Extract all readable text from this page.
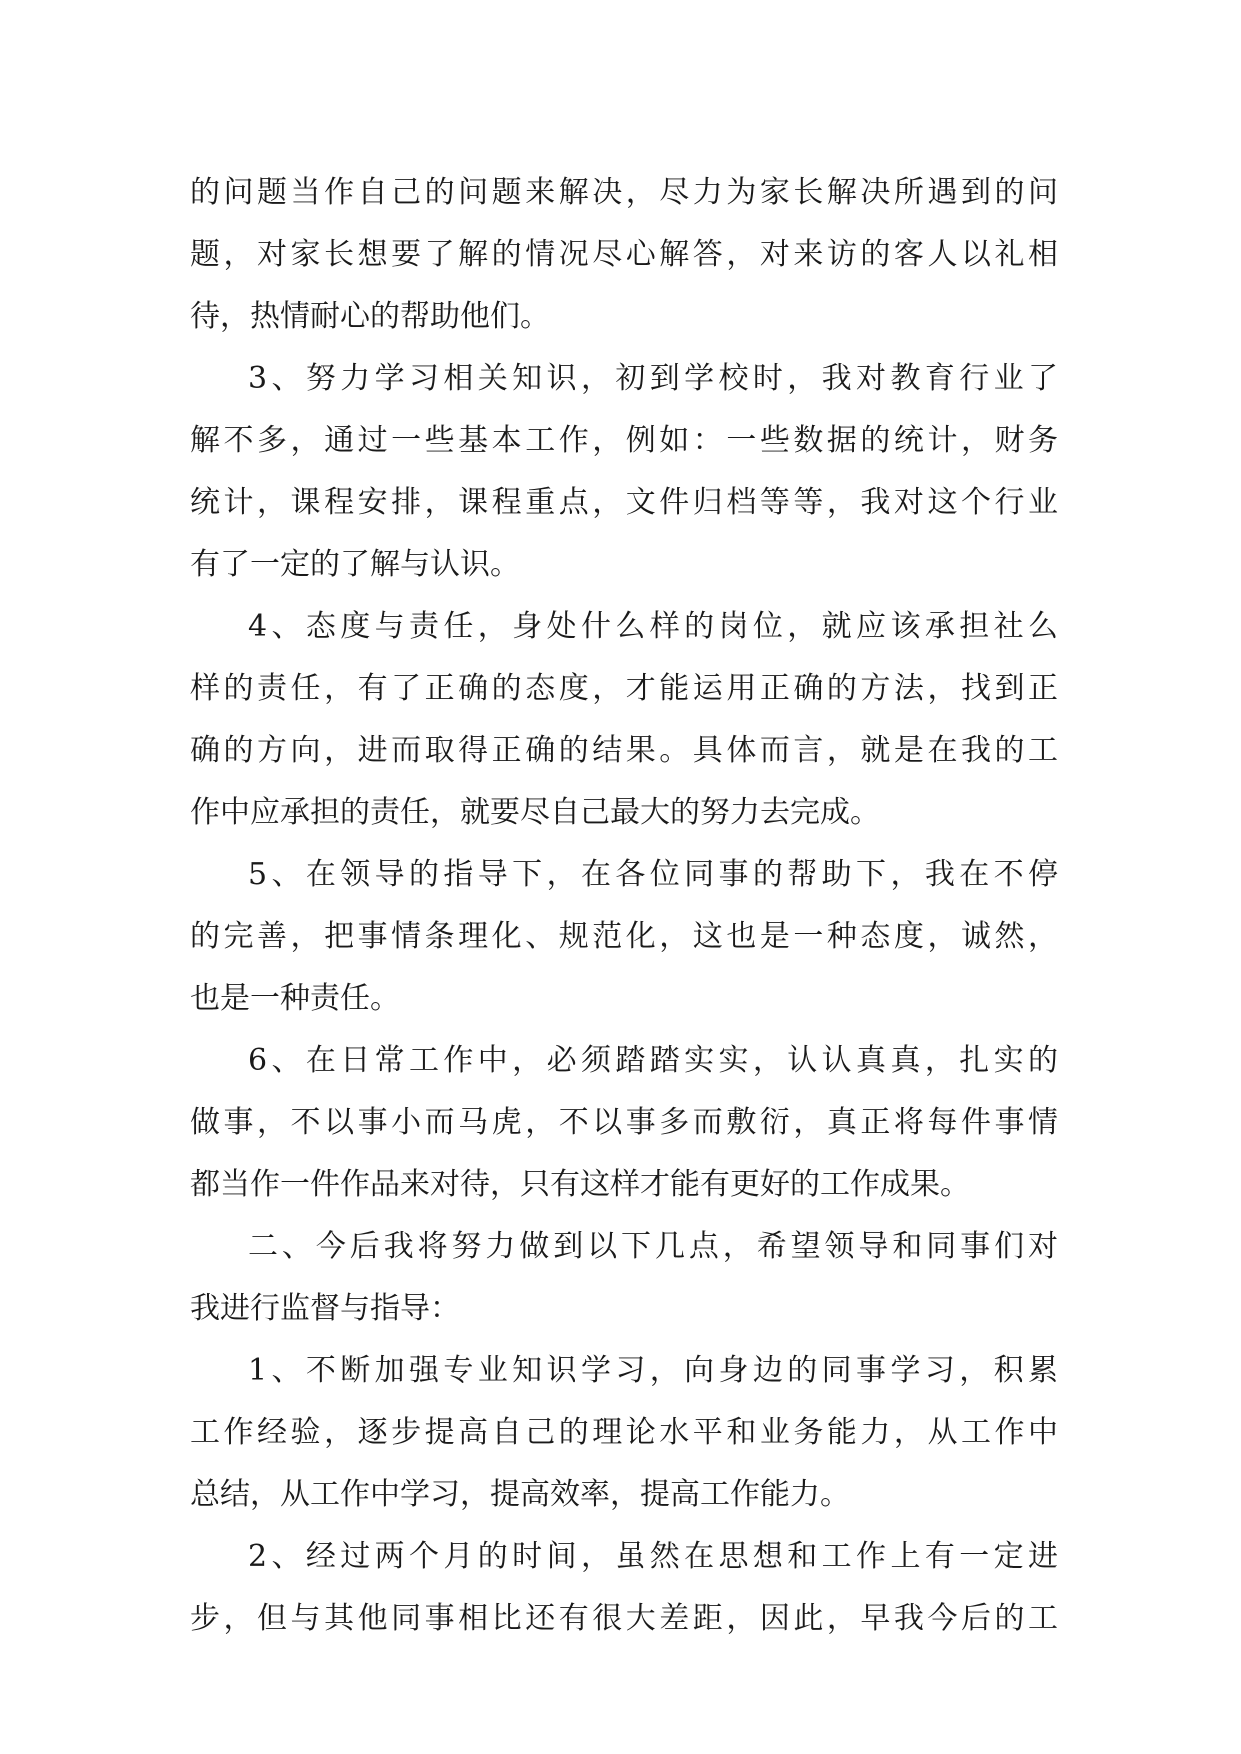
的问题当作自己的问题来解决，尽力为家长解决所遇到的问
题，对家长想要了解的情况尽心解答，对来访的客人以礼相
待，热情耐心的帮助他们。
3、努力学习相关知识，初到学校时，我对教育行业了
解不多，通过一些基本工作，例如：一些数据的统计，财务
统计，课程安排，课程重点，文件归档等等，我对这个行业
有了一定的了解与认识。
4、态度与责任，身处什么样的岗位，就应该承担社么
样的责任，有了正确的态度，才能运用正确的方法，找到正
确的方向，进而取得正确的结果。具体而言，就是在我的工
作中应承担的责任，就要尽自己最大的努力去完成。
5、在领导的指导下，在各位同事的帮助下，我在不停
的完善，把事情条理化、规范化，这也是一种态度，诚然，
也是一种责任。
6、在日常工作中，必须踏踏实实，认认真真，扎实的
做事，不以事小而马虎，不以事多而敷衍，真正将每件事情
都当作一件作品来对待，只有这样才能有更好的工作成果。
二、今后我将努力做到以下几点，希望领导和同事们对
我进行监督与指导：
1、不断加强专业知识学习，向身边的同事学习，积累
工作经验，逐步提高自己的理论水平和业务能力，从工作中
总结，从工作中学习，提高效率，提高工作能力。
2、经过两个月的时间，虽然在思想和工作上有一定进
步，但与其他同事相比还有很大差距，因此，早我今后的工
